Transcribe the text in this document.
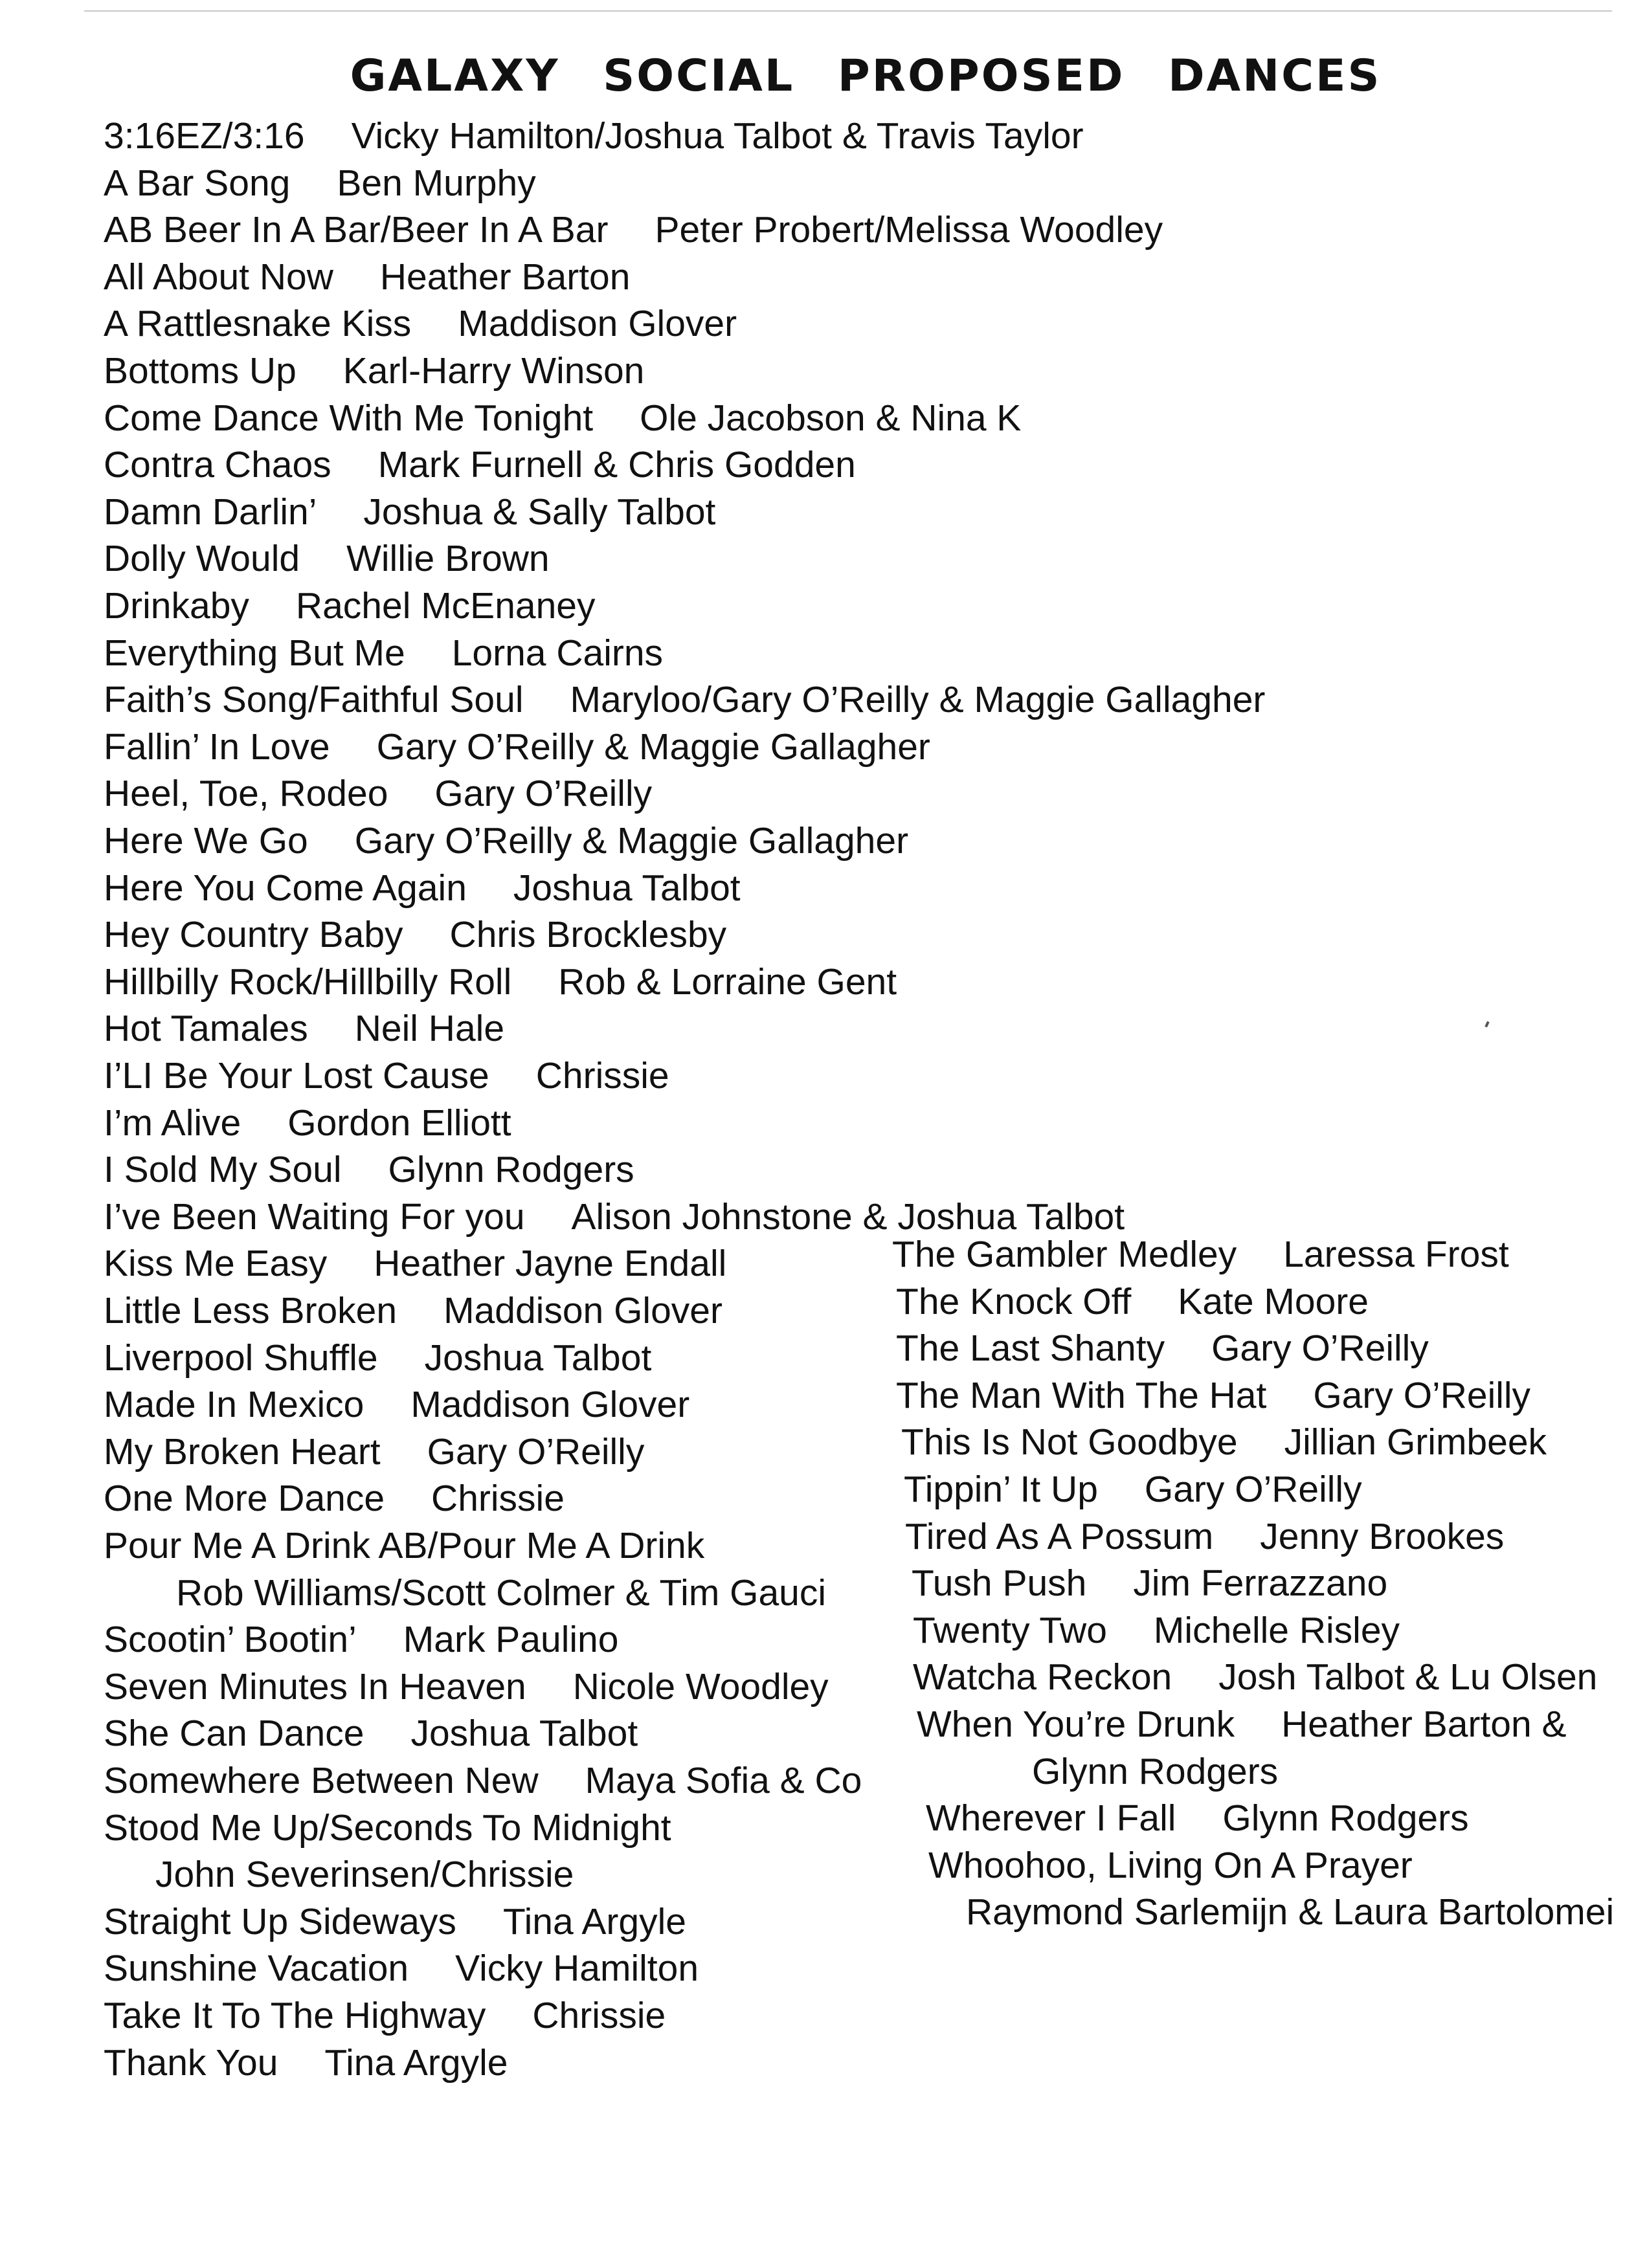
GALAXY SOCIAL PROPOSED DANCES
3:16EZ/3:16 Vicky Hamilton/Joshua Talbot & Travis Taylor
A Bar Song Ben Murphy
AB Beer In A Bar/Beer In A Bar Peter Probert/Melissa Woodley
All About Now Heather Barton
A Rattlesnake Kiss Maddison Glover
Bottoms Up Karl-Harry Winson
Come Dance With Me Tonight Ole Jacobson & Nina K
Contra Chaos Mark Furnell & Chris Godden
Damn Darlin’ Joshua & Sally Talbot
Dolly Would Willie Brown
Drinkaby Rachel McEnaney
Everything But Me Lorna Cairns
Faith’s Song/Faithful Soul Maryloo/Gary O’Reilly & Maggie Gallagher
Fallin’ In Love Gary O’Reilly & Maggie Gallagher
Heel, Toe, Rodeo Gary O’Reilly
Here We Go Gary O’Reilly & Maggie Gallagher
Here You Come Again Joshua Talbot
Hey Country Baby Chris Brocklesby
Hillbilly Rock/Hillbilly Roll Rob & Lorraine Gent
Hot Tamales Neil Hale
I’LI Be Your Lost Cause Chrissie
I’m Alive Gordon Elliott
I Sold My Soul Glynn Rodgers
I’ve Been Waiting For you Alison Johnstone & Joshua Talbot
Kiss Me Easy Heather Jayne Endall
Little Less Broken Maddison Glover
Liverpool Shuffle Joshua Talbot
Made In Mexico Maddison Glover
My Broken Heart Gary O’Reilly
One More Dance Chrissie
Pour Me A Drink AB/Pour Me A Drink
Rob Williams/Scott Colmer & Tim Gauci
Scootin’ Bootin’ Mark Paulino
Seven Minutes In Heaven Nicole Woodley
She Can Dance Joshua Talbot
Somewhere Between New Maya Sofia & Co
Stood Me Up/Seconds To Midnight
John Severinsen/Chrissie
Straight Up Sideways Tina Argyle
Sunshine Vacation Vicky Hamilton
Take It To The Highway Chrissie
Thank You Tina Argyle
The Gambler Medley Laressa Frost
The Knock Off Kate Moore
The Last Shanty Gary O’Reilly
The Man With The Hat Gary O’Reilly
This Is Not Goodbye Jillian Grimbeek
Tippin’ It Up Gary O’Reilly
Tired As A Possum Jenny Brookes
Tush Push Jim Ferrazzano
Twenty Two Michelle Risley
Watcha Reckon Josh Talbot & Lu Olsen
When You’re Drunk Heather Barton &
Glynn Rodgers
Wherever I Fall Glynn Rodgers
Whoohoo, Living On A Prayer
Raymond Sarlemijn & Laura Bartolomei
